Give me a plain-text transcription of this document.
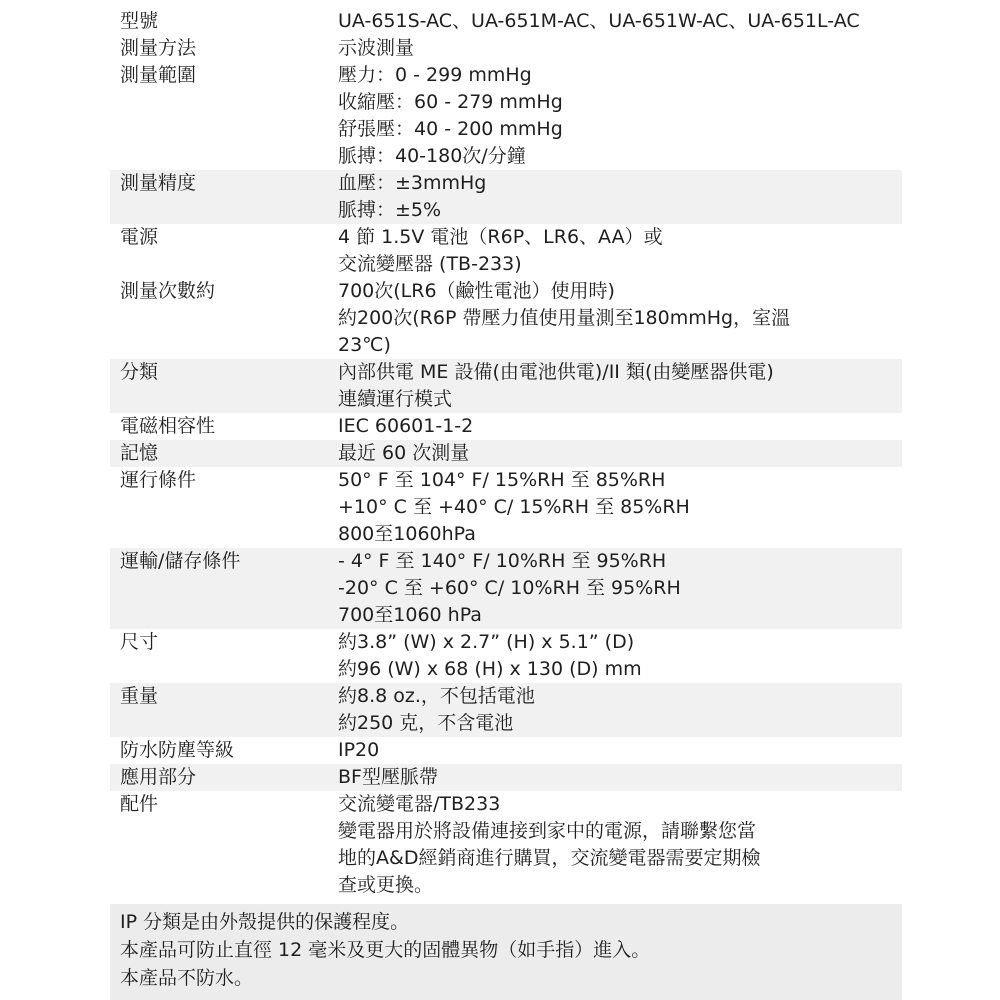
型號	UA-651S-AC、UA-651M-AC、UA-651W-AC、UA-651L-AC
測量方法	示波測量
測量範圍	壓力：0 - 299 mmHg
收縮壓：60 - 279 mmHg
舒張壓：40 - 200 mmHg
脈搏：40-180次/分鐘
測量精度	血壓：±3mmHg
脈搏：±5%
電源	4 節 1.5V 電池（R6P、LR6、AA）或
交流變壓器 (TB-233)
測量次數約	700次(LR6（鹼性電池）使用時)
約200次(R6P 帶壓力值使用量測至180mmHg，室溫
23℃)
分類	內部供電 ME 設備(由電池供電)/II 類(由變壓器供電)
連續運行模式
電磁相容性	IEC 60601-1-2
記憶	最近 60 次測量
運行條件	50° F 至 104° F/ 15%RH 至 85%RH
+10° C 至 +40° C/ 15%RH 至 85%RH
800至1060hPa
運輸/儲存條件	- 4° F 至 140° F/ 10%RH 至 95%RH
-20° C 至 +60° C/ 10%RH 至 95%RH
700至1060 hPa
尺寸	約3.8” (W) x 2.7” (H) x 5.1” (D)
約96 (W) x 68 (H) x 130 (D) mm
重量	約8.8 oz.，不包括電池
約250 克，不含電池
防水防塵等級	IP20
應用部分	BF型壓脈帶
配件	交流變電器/TB233
變電器用於將設備連接到家中的電源，請聯繫您當
地的A&D經銷商進行購買，交流變電器需要定期檢
查或更換。
IP 分類是由外殼提供的保護程度。
本產品可防止直徑 12 毫米及更大的固體異物（如手指）進入。
本產品不防水。
